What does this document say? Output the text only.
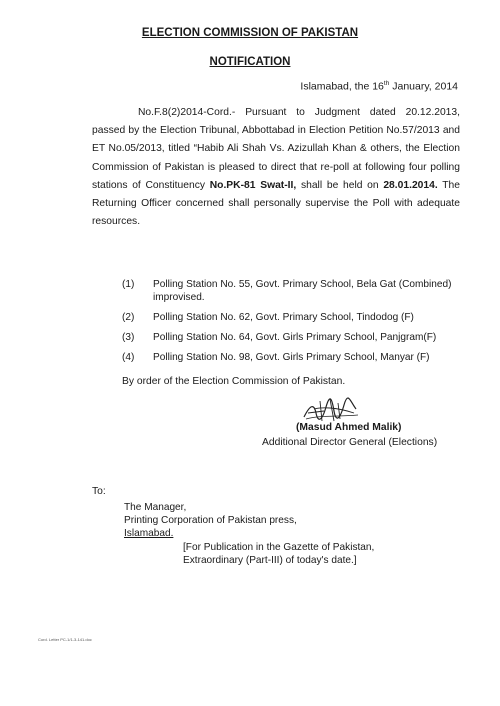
ELECTION COMMISSION OF PAKISTAN
NOTIFICATION
Islamabad, the 16th January, 2014
No.F.8(2)2014-Cord.- Pursuant to Judgment dated 20.12.2013, passed by the Election Tribunal, Abbottabad in Election Petition No.57/2013 and ET No.05/2013, titled “Habib Ali Shah Vs. Azizullah Khan & others, the Election Commission of Pakistan is pleased to direct that re-poll at following four polling stations of Constituency No.PK-81 Swat-II, shall be held on 28.01.2014. The Returning Officer concerned shall personally supervise the Poll with adequate resources.
(1)	Polling Station No. 55, Govt. Primary School, Bela Gat (Combined) improvised.
(2)	Polling Station No. 62, Govt. Primary School, Tindodog (F)
(3)	Polling Station No. 64, Govt. Girls Primary School, Panjgram(F)
(4)	Polling Station No. 98, Govt. Girls Primary School, Manyar (F)
By order of the Election Commission of Pakistan.
(Masud Ahmed Malik)
Additional Director General (Elections)
To:
The Manager,
Printing Corporation of Pakistan press,
Islamabad.
[For Publication in the Gazette of Pakistan,
Extraordinary (Part-III) of today's date.]
Cord. Letter PC-1/1-3-141.doc
